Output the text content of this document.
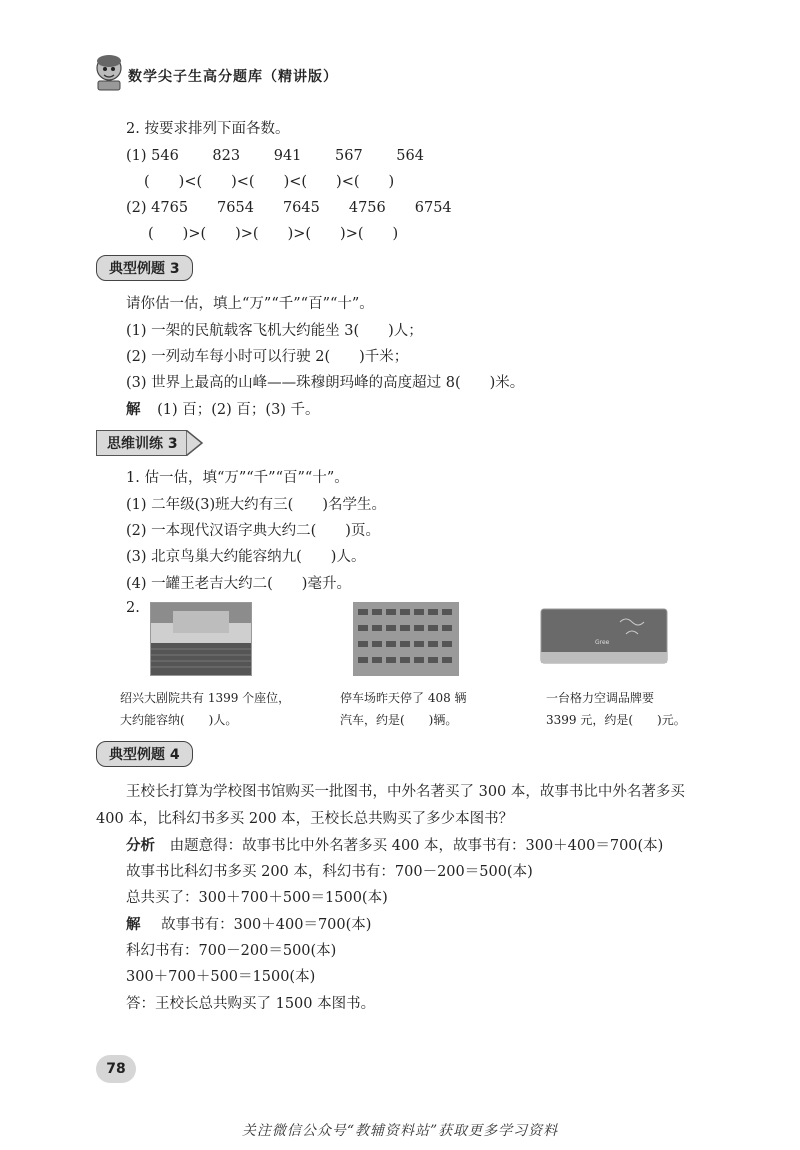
数学尖子生高分题库（精讲版）
2. 按要求排列下面各数。
(1) 546　　 823　　 941　　 567　　 564
(　　)<(　　)<(　　)<(　　)<(　　)
(2) 4765　　7654　　7645　　4756　　6754
(　　)>(　　)>(　　)>(　　)>(　　)
典型例题 3
请你估一估，填上“万”“千”“百”“十”。
(1) 一架的民航载客飞机大约能坐 3(　　)人；
(2) 一列动车每小时可以行驶 2(　　)千米；
(3) 世界上最高的山峰——珠穆朗玛峰的高度超过 8(　　)米。
解 (1) 百；(2) 百；(3) 千。
思维训练 3
1. 估一估，填“万”“千”“百”“十”。
(1) 二年级(3)班大约有三(　　)名学生。
(2) 一本现代汉语字典大约二(　　)页。
(3) 北京鸟巢大约能容纳九(　　)人。
(4) 一罐王老吉大约二(　　)毫升。
2.
绍兴大剧院共有 1399 个座位，
大约能容纳(　　)人。
停车场昨天停了 408 辆
汽车，约是(　　)辆。
Gree
一台格力空调品牌要
3399 元，约是(　　)元。
典型例题 4
王校长打算为学校图书馆购买一批图书，中外名著买了 300 本，故事书比中外名著多买
400 本，比科幻书多买 200 本，王校长总共购买了多少本图书？
分析 由题意得：故事书比中外名著多买 400 本，故事书有：300＋400＝700(本)
故事书比科幻书多买 200 本，科幻书有：700－200＝500(本)
总共买了：300＋700＋500＝1500(本)
解 故事书有：300＋400＝700(本)
科幻书有：700－200＝500(本)
300＋700＋500＝1500(本)
答：王校长总共购买了 1500 本图书。
78
关注微信公众号“教辅资料站”获取更多学习资料
